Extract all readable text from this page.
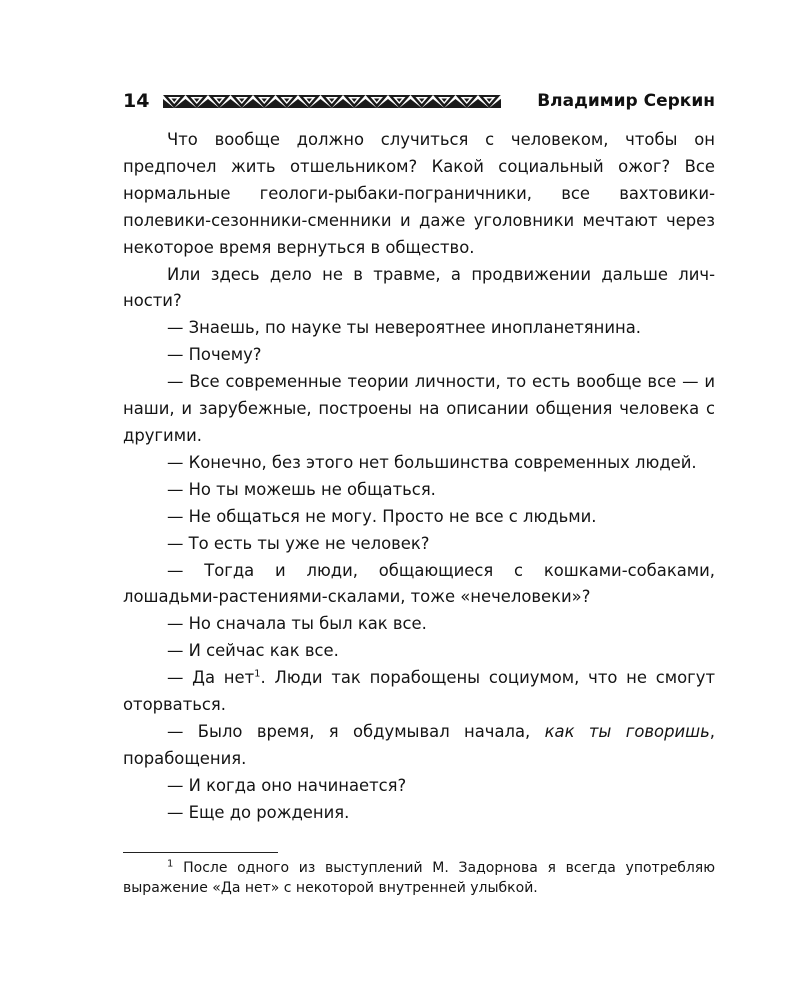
14	Владимир Серкин

Что вообще должно случиться с человеком, чтобы он предпочел жить отшельником? Какой социальный ожог? Все нормальные геологи-рыбаки-пограничники, все вахтовики-полевики-сезонники-сменники и даже уголовники мечтают через некоторое время вернуться в общество.

Или здесь дело не в травме, а продвижении дальше личности?

— Знаешь, по науке ты невероятнее инопланетянина.

— Почему?

— Все современные теории личности, то есть вообще все — и наши, и зарубежные, построены на описании общения человека с другими.

— Конечно, без этого нет большинства современных людей.

— Но ты можешь не общаться.

— Не общаться не могу. Просто не все с людьми.

— То есть ты уже не человек?

— Тогда и люди, общающиеся с кошками-собаками, лошадьми-растениями-скалами, тоже «нечеловеки»?

— Но сначала ты был как все.

— И сейчас как все.

— Да нет$^1$. Люди так порабощены социумом, что не смогут оторваться.

— Было время, я обдумывал начала, как ты говоришь, порабощения.

— И когда оно начинается?

— Еще до рождения.

$^1$ После одного из выступлений М. Задорнова я всегда употребляю выражение «Да нет» с некоторой внутренней улыбкой.
